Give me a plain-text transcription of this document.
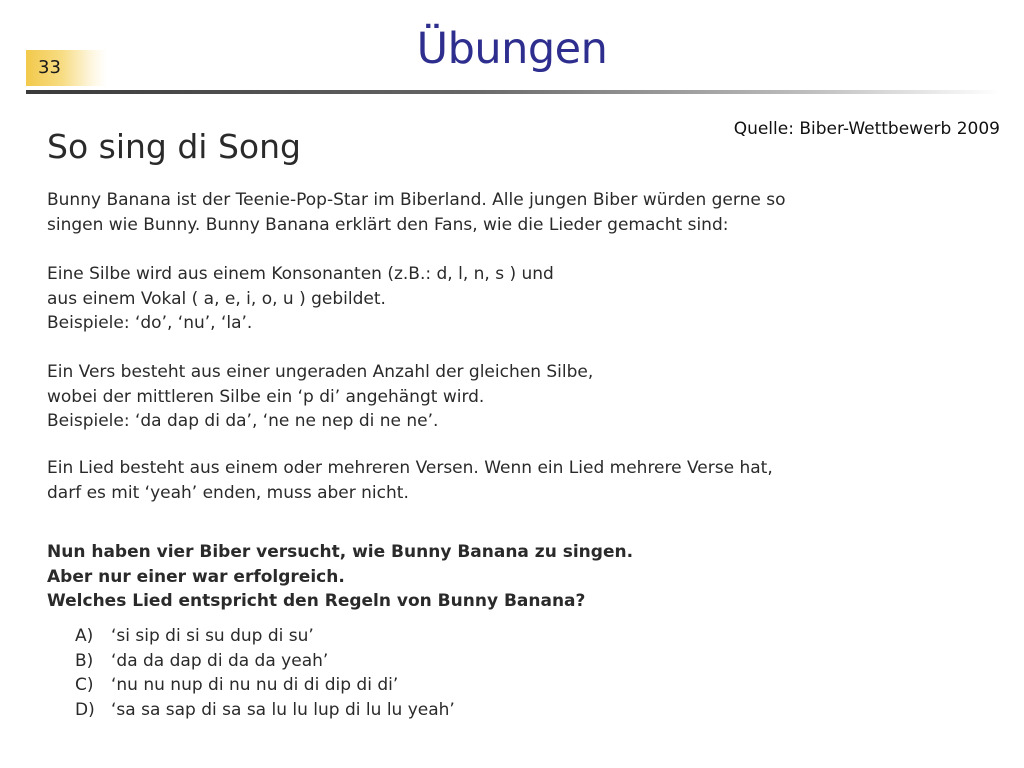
33	Übungen
Quelle: Biber-Wettbewerb 2009
So sing di Song

Bunny Banana ist der Teenie-Pop-Star im Biberland. Alle jungen Biber würden gerne so
singen wie Bunny. Bunny Banana erklärt den Fans, wie die Lieder gemacht sind:

Eine Silbe wird aus einem Konsonanten (z.B.: d, l, n, s ) und
aus einem Vokal ( a, e, i, o, u ) gebildet.
Beispiele: ‘do’, ‘nu’, ‘la’.

Ein Vers besteht aus einer ungeraden Anzahl der gleichen Silbe,
wobei der mittleren Silbe ein ‘p di’ angehängt wird.
Beispiele: ‘da dap di da’, ‘ne ne nep di ne ne’.

Ein Lied besteht aus einem oder mehreren Versen. Wenn ein Lied mehrere Verse hat,
darf es mit ‘yeah’ enden, muss aber nicht.

Nun haben vier Biber versucht, wie Bunny Banana zu singen.
Aber nur einer war erfolgreich.
Welches Lied entspricht den Regeln von Bunny Banana?

A) ‘si sip di si su dup di su’
B) ‘da da dap di da da yeah’
C) ‘nu nu nup di nu nu di di dip di di’
D) ‘sa sa sap di sa sa lu lu lup di lu lu yeah’
